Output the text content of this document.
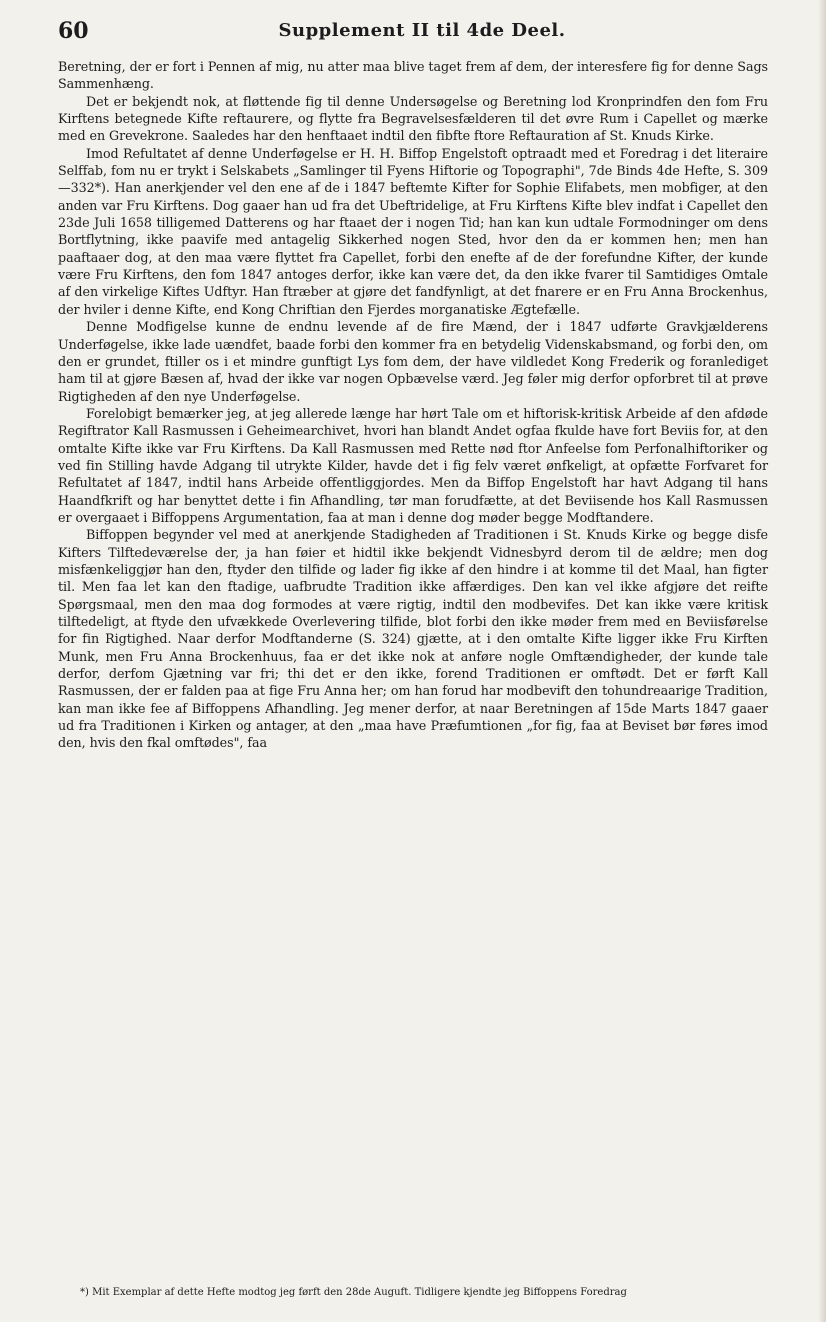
60	Supplement II til 4de Deel.

Beretning, der er fort i Pennen af mig, nu atter maa blive taget frem af dem, der interesfere fig for denne Sags Sammenhæng.

Det er bekjendt nok, at fløttende fig til denne Undersøgelse og Beretning lod Kronprindfen den fom Fru Kirftens betegnede Kifte reftaurere, og flytte fra Begravelsesfælderen til det øvre Rum i Capellet og mærke med en Grevekrone. Saaledes har den henftaaet indtil den fibfte ftore Reftauration af St. Knuds Kirke.

Imod Refultatet af denne Underføgelse er H. H. Biffop Engelstoft optraadt med et Foredrag i det literaire Selffab, fom nu er trykt i Selskabets „Samlinger til Fyens Hiftorie og Topographi", 7de Binds 4de Hefte, S. 309—332*). Han anerkjender vel den ene af de i 1847 beftemte Kifter for Sophie Elifabets, men mobfiger, at den anden var Fru Kirftens. Dog gaaer han ud fra det Ubeftridelige, at Fru Kirftens Kifte blev indfat i Capellet den 23de Juli 1658 tilligemed Datterens og har ftaaet der i nogen Tid; han kan kun udtale Formodninger om dens Bortflytning, ikke paavife med antagelig Sikkerhed nogen Sted, hvor den da er kommen hen; men han paaftaaer dog, at den maa være flyttet fra Capellet, forbi den enefte af de der forefundne Kifter, der kunde være Fru Kirftens, den fom 1847 antoges derfor, ikke kan være det, da den ikke fvarer til Samtidiges Omtale af den virkelige Kiftes Udftyr. Han ftræber at gjøre det fandfynligt, at det fnarere er en Fru Anna Brockenhus, der hviler i denne Kifte, end Kong Chriftian den Fjerdes morganatiske Ægtefælle.

Denne Modfigelse kunne de endnu levende af de fire Mænd, der i 1847 udførte Gravkjælderens Underføgelse, ikke lade uændfet, baade forbi den kommer fra en betydelig Videnskabsmand, og forbi den, om den er grundet, ftiller os i et mindre gunftigt Lys fom dem, der have vildledet Kong Frederik og foranlediget ham til at gjøre Bæsen af, hvad der ikke var nogen Opbævelse værd. Jeg føler mig derfor opforbret til at prøve Rigtigheden af den nye Underføgelse.

Forelobigt bemærker jeg, at jeg allerede længe har hørt Tale om et hiftorisk-kritisk Arbeide af den afdøde Regiftrator Kall Rasmussen i Geheimearchivet, hvori han blandt Andet ogfaa fkulde have fort Beviis for, at den omtalte Kifte ikke var Fru Kirftens. Da Kall Rasmussen med Rette nød ftor Anfeelse fom Perfonalhiftoriker og ved fin Stilling havde Adgang til utrykte Kilder, havde det i fig felv været ønfkeligt, at opfætte Forfvaret for Refultatet af 1847, indtil hans Arbeide offentliggjordes. Men da Biffop Engelstoft har havt Adgang til hans Haandfkrift og har benyttet dette i fin Afhandling, tør man forudfætte, at det Beviisende hos Kall Rasmussen er overgaaet i Biffoppens Argumentation, faa at man i denne dog møder begge Modftandere.

Biffoppen begynder vel med at anerkjende Stadigheden af Traditionen i St. Knuds Kirke og begge disfe Kifters Tilftedeværelse der, ja han føier et hidtil ikke bekjendt Vidnesbyrd derom til de ældre; men dog misfænkeliggjør han den, ftyder den tilfide og lader fig ikke af den hindre i at komme til det Maal, han figter til. Men faa let kan den ftadige, uafbrudte Tradition ikke affærdiges. Den kan vel ikke afgjøre det reifte Spørgsmaal, men den maa dog formodes at være rigtig, indtil den modbevifes. Det kan ikke være kritisk tilftedeligt, at ftyde den ufvækkede Overlevering tilfide, blot forbi den ikke møder frem med en Beviisførelse for fin Rigtighed. Naar derfor Modftanderne (S. 324) gjætte, at i den omtalte Kifte ligger ikke Fru Kirften Munk, men Fru Anna Brockenhuus, faa er det ikke nok at anføre nogle Omftændigheder, der kunde tale derfor, derfom Gjætning var fri; thi det er den ikke, forend Traditionen er omftødt. Det er førft Kall Rasmussen, der er falden paa at fige Fru Anna her; om han forud har modbevift den tohundreaarige Tradition, kan man ikke fee af Biffoppens Afhandling. Jeg mener derfor, at naar Beretningen af 15de Marts 1847 gaaer ud fra Traditionen i Kirken og antager, at den „maa have Præfumtionen „for fig, faa at Beviset bør føres imod den, hvis den fkal omftødes", faa

*) Mit Exemplar af dette Hefte modtog jeg førft den 28de Auguft. Tidligere kjendte jeg Biffoppens Foredrag
